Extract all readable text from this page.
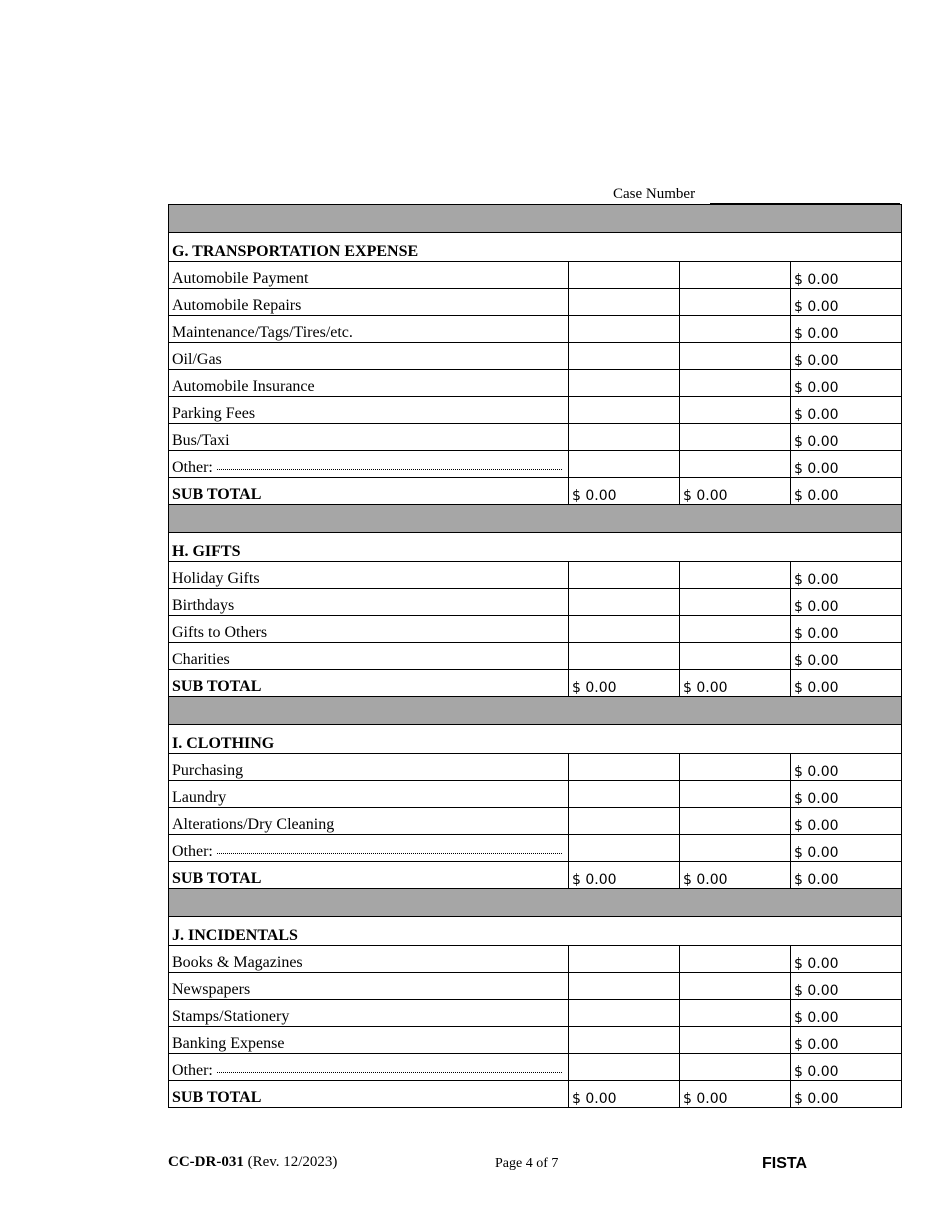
Case Number

G. TRANSPORTATION EXPENSE			
Automobile Payment			$ 0.00
Automobile Repairs			$ 0.00
Maintenance/Tags/Tires/etc.			$ 0.00
Oil/Gas			$ 0.00
Automobile Insurance			$ 0.00
Parking Fees			$ 0.00
Bus/Taxi			$ 0.00
Other:			$ 0.00
SUB TOTAL	$ 0.00	$ 0.00	$ 0.00

H. GIFTS			
Holiday Gifts			$ 0.00
Birthdays			$ 0.00
Gifts to Others			$ 0.00
Charities			$ 0.00
SUB TOTAL	$ 0.00	$ 0.00	$ 0.00

I. CLOTHING			
Purchasing			$ 0.00
Laundry			$ 0.00
Alterations/Dry Cleaning			$ 0.00
Other:			$ 0.00
SUB TOTAL	$ 0.00	$ 0.00	$ 0.00

J. INCIDENTALS			
Books & Magazines			$ 0.00
Newspapers			$ 0.00
Stamps/Stationery			$ 0.00
Banking Expense			$ 0.00
Other:			$ 0.00
SUB TOTAL	$ 0.00	$ 0.00	$ 0.00
CC-DR-031 (Rev. 12/2023)	Page 4 of 7	FISTA
